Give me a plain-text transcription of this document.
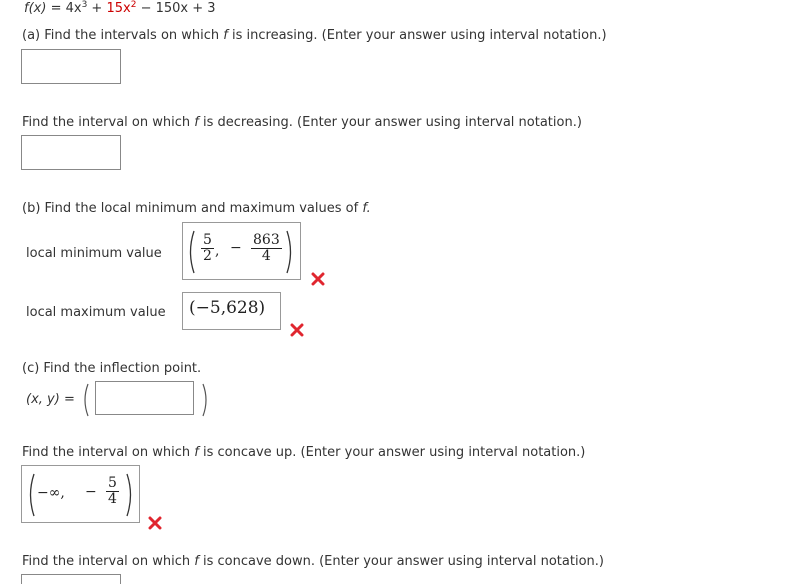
$f(x) = 4x^3 + 15x^2 - 150x + 3$
(a) Find the intervals on which f is increasing. (Enter your answer using interval notation.)
Find the interval on which f is decreasing. (Enter your answer using interval notation.)
(b) Find the local minimum and maximum values of f.
local minimum value	$\frac{5}{2}$ , − $\frac{863}{4}$
local maximum value (−5,628)
(c) Find the inflection point.
(x, y) =
Find the interval on which f is concave up. (Enter your answer using interval notation.)
−∞, − $\frac{5}{4}$
Find the interval on which f is concave down. (Enter your answer using interval notation.)
